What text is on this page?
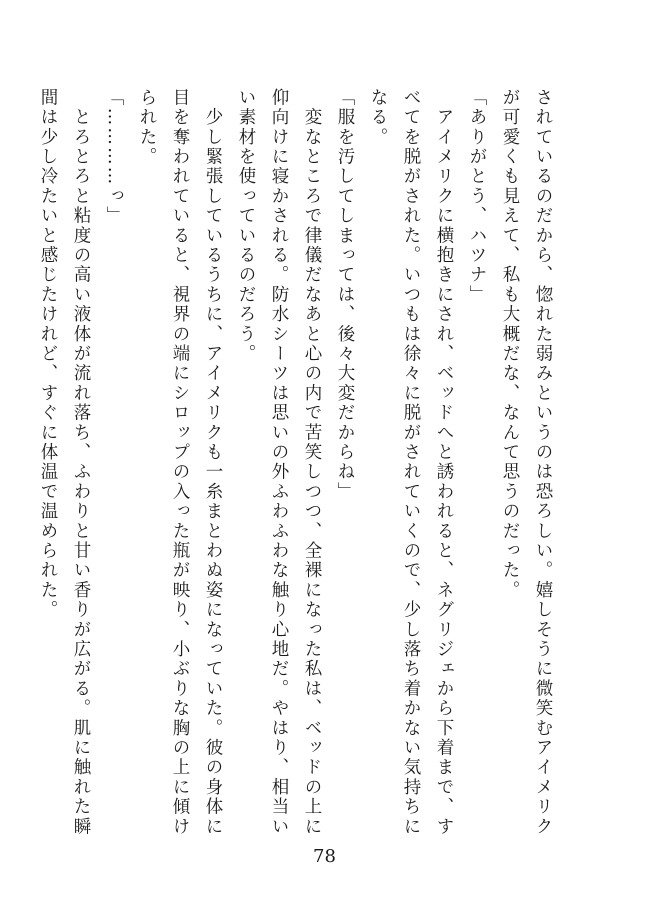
されているのだから、惚れた弱みというのは恐ろしい。嬉しそうに微笑むアイメリク

が可愛くも見えて、私も大概だな、なんて思うのだった。

「ありがとう、ハツナ」

　アイメリクに横抱きにされ、ベッドへと誘われると、ネグリジェから下着まで、す

べてを脱がされた。いつもは徐々に脱がされていくので、少し落ち着かない気持ちに

なる。

「服を汚してしまっては、後々大変だからね」

　変なところで律儀だなあと心の内で苦笑しつつ、全裸になった私は、ベッドの上に

仰向けに寝かされる。防水シーツは思いの外ふわふわな触り心地だ。やはり、相当い

い素材を使っているのだろう。

　少し緊張しているうちに、アイメリクも一糸まとわぬ姿になっていた。彼の身体に

目を奪われていると、視界の端にシロップの入った瓶が映り、小ぶりな胸の上に傾け

られた。

「…………っ」

　とろとろと粘度の高い液体が流れ落ち、ふわりと甘い香りが広がる。肌に触れた瞬

間は少し冷たいと感じたけれど、すぐに体温で温められた。

78
